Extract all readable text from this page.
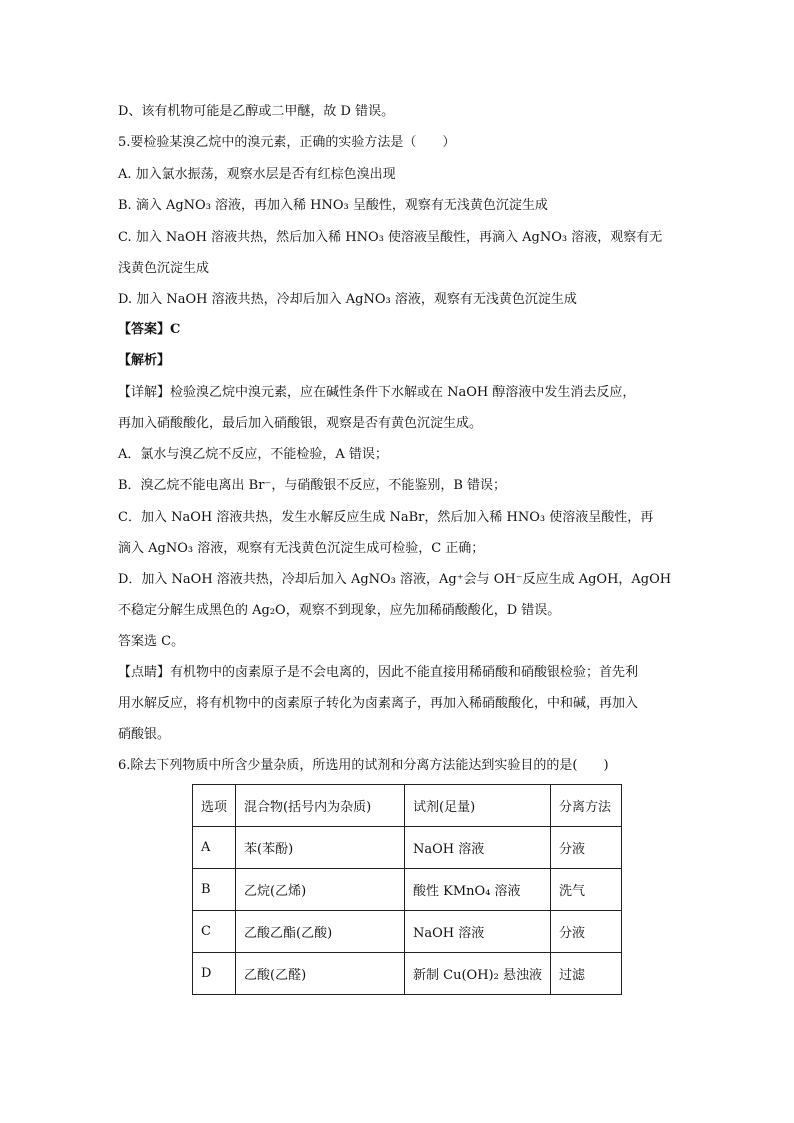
D、该有机物可能是乙醇或二甲醚，故 D 错误。
5.要检验某溴乙烷中的溴元素，正确的实验方法是（　　）
A. 加入氯水振荡，观察水层是否有红棕色溴出现
B. 滴入 AgNO₃ 溶液，再加入稀 HNO₃ 呈酸性，观察有无浅黄色沉淀生成
C. 加入 NaOH 溶液共热，然后加入稀 HNO₃ 使溶液呈酸性，再滴入 AgNO₃ 溶液，观察有无
浅黄色沉淀生成
D. 加入 NaOH 溶液共热，冷却后加入 AgNO₃ 溶液，观察有无浅黄色沉淀生成
【答案】C
【解析】
【详解】检验溴乙烷中溴元素，应在碱性条件下水解或在 NaOH 醇溶液中发生消去反应，
再加入硝酸酸化，最后加入硝酸银，观察是否有黄色沉淀生成。
A．氯水与溴乙烷不反应，不能检验，A 错误；
B．溴乙烷不能电离出 Br⁻，与硝酸银不反应，不能鉴别，B 错误；
C．加入 NaOH 溶液共热，发生水解反应生成 NaBr，然后加入稀 HNO₃ 使溶液呈酸性，再
滴入 AgNO₃ 溶液，观察有无浅黄色沉淀生成可检验，C 正确；
D．加入 NaOH 溶液共热，冷却后加入 AgNO₃ 溶液，Ag⁺会与 OH⁻反应生成 AgOH，AgOH
不稳定分解生成黑色的 Ag₂O，观察不到现象，应先加稀硝酸酸化，D 错误。
答案选 C。
【点睛】有机物中的卤素原子是不会电离的，因此不能直接用稀硝酸和硝酸银检验；首先利
用水解反应，将有机物中的卤素原子转化为卤素离子，再加入稀硝酸酸化，中和碱，再加入
硝酸银。
6.除去下列物质中所含少量杂质，所选用的试剂和分离方法能达到实验目的的是(　　)
选项	混合物(括号内为杂质)	试剂(足量)	分离方法
A	苯(苯酚)	NaOH 溶液	分液
B	乙烷(乙烯)	酸性 KMnO₄ 溶液	洗气
C	乙酸乙酯(乙酸)	NaOH 溶液	分液
D	乙酸(乙醛)	新制 Cu(OH)₂ 悬浊液	过滤
